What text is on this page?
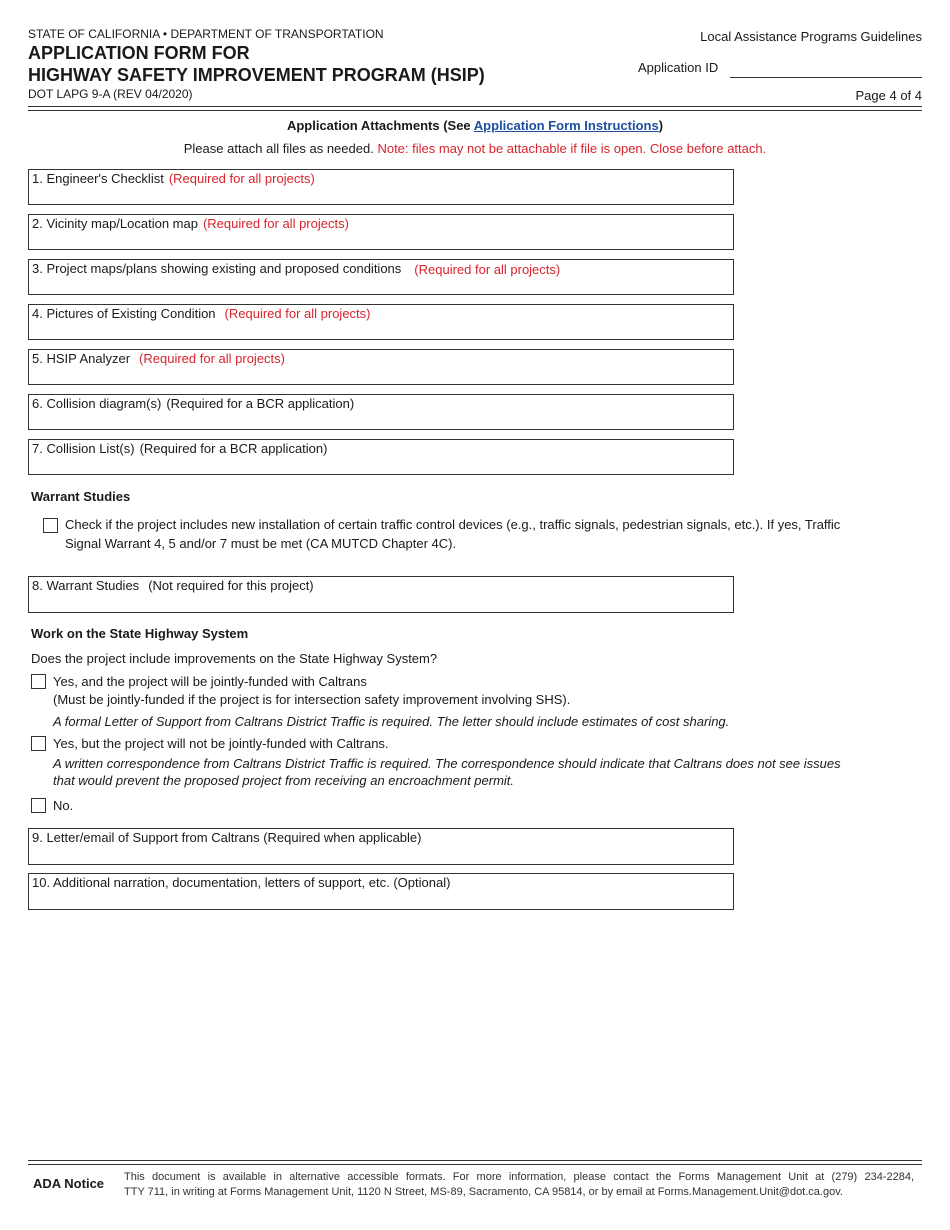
STATE OF CALIFORNIA • DEPARTMENT OF TRANSPORTATION
APPLICATION FORM FOR
HIGHWAY SAFETY IMPROVEMENT PROGRAM (HSIP)
DOT LAPG 9-A (REV 04/2020)
Local Assistance Programs Guidelines
Application ID
Page 4 of 4
Application Attachments (See Application Form Instructions)
Please attach all files as needed. Note: files may not be attachable if file is open. Close before attach.
1. Engineer's Checklist (Required for all projects)
2. Vicinity map/Location map (Required for all projects)
3. Project maps/plans showing existing and proposed conditions (Required for all projects)
4. Pictures of Existing Condition (Required for all projects)
5. HSIP Analyzer (Required for all projects)
6. Collision diagram(s) (Required for a BCR application)
7. Collision List(s) (Required for a BCR application)
Warrant Studies
Check if the project includes new installation of certain traffic control devices (e.g., traffic signals, pedestrian signals, etc.). If yes, Traffic
Signal Warrant 4, 5 and/or 7 must be met (CA MUTCD Chapter 4C).
8. Warrant Studies (Not required for this project)
Work on the State Highway System
Does the project include improvements on the State Highway System?
Yes, and the project will be jointly-funded with Caltrans
(Must be jointly-funded if the project is for intersection safety improvement involving SHS).
A formal Letter of Support from Caltrans District Traffic is required. The letter should include estimates of cost sharing.
Yes, but the project will not be jointly-funded with Caltrans.
A written correspondence from Caltrans District Traffic is required. The correspondence should indicate that Caltrans does not see issues
that would prevent the proposed project from receiving an encroachment permit.
No.
9. Letter/email of Support from Caltrans (Required when applicable)
10. Additional narration, documentation, letters of support, etc. (Optional)
ADA Notice This document is available in alternative accessible formats. For more information, please contact the Forms Management Unit at (279) 234-2284,
TTY 711, in writing at Forms Management Unit, 1120 N Street, MS-89, Sacramento, CA 95814, or by email at Forms.Management.Unit@dot.ca.gov.
